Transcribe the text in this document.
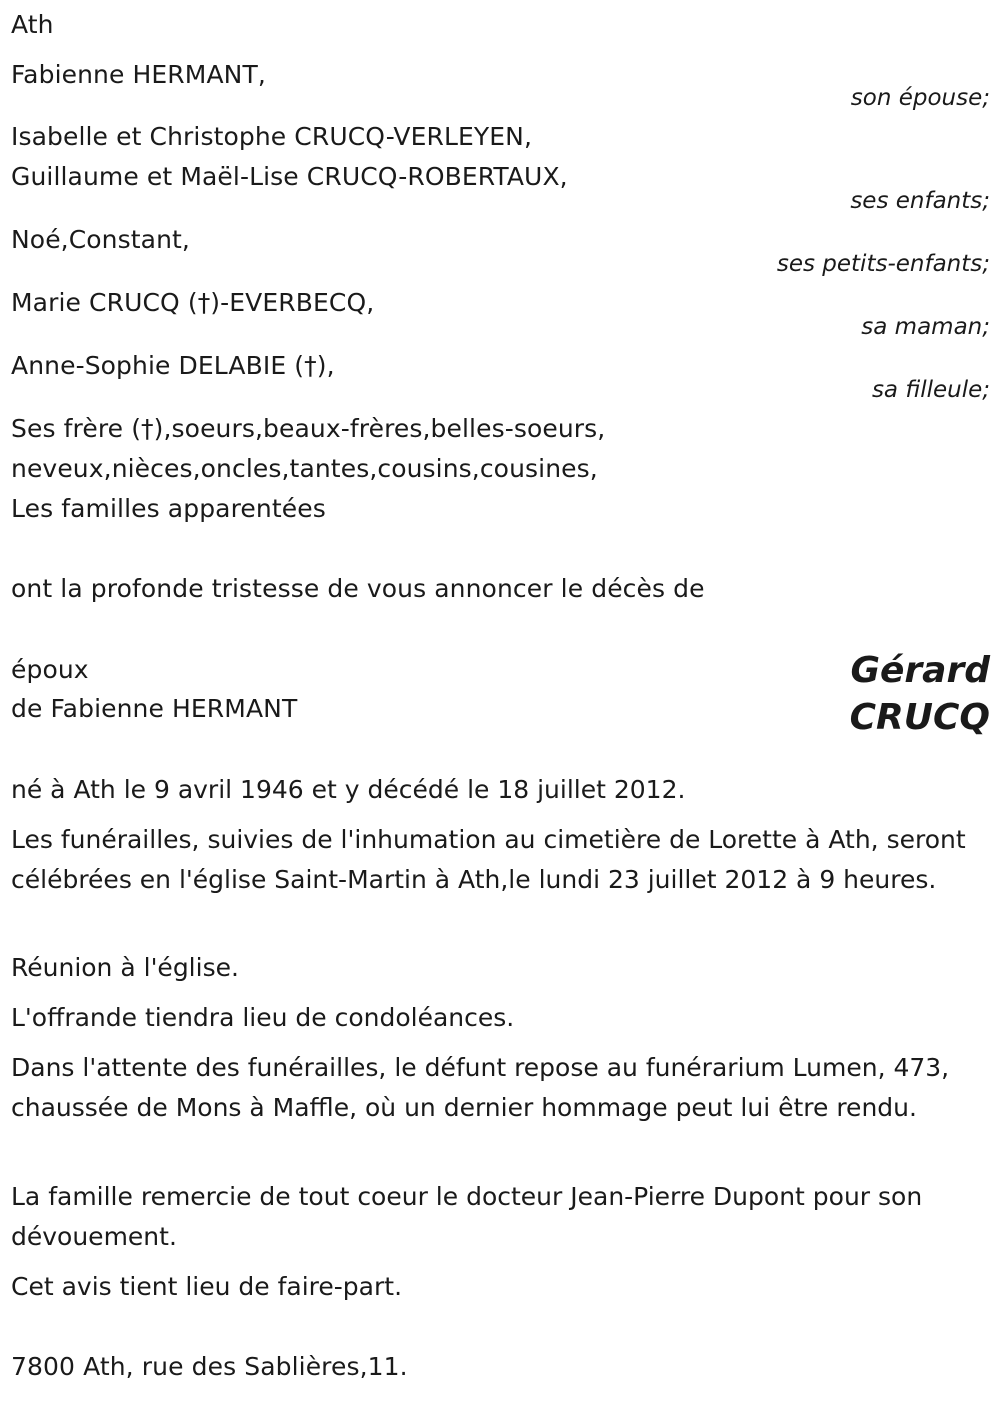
Ath
Fabienne HERMANT,
son épouse;
Isabelle et Christophe CRUCQ-VERLEYEN,
Guillaume et Maël-Lise CRUCQ-ROBERTAUX,
ses enfants;
Noé,Constant,
ses petits-enfants;
Marie CRUCQ (†)-EVERBECQ,
sa maman;
Anne-Sophie DELABIE (†),
sa filleule;
Ses frère (†),soeurs,beaux-frères,belles-soeurs,
neveux,nièces,oncles,tantes,cousins,cousines,
Les familles apparentées
ont la profonde tristesse de vous annoncer le décès de
époux
de Fabienne HERMANT
Gérard
CRUCQ
né à Ath le 9 avril 1946 et y décédé le 18 juillet 2012.
Les funérailles, suivies de l'inhumation au cimetière de Lorette à Ath, seront célébrées en l'église Saint-Martin à Ath,le lundi 23 juillet 2012 à 9 heures.
Réunion à l'église.
L'offrande tiendra lieu de condoléances.
Dans l'attente des funérailles, le défunt repose au funérarium Lumen, 473, chaussée de Mons à Maffle, où un dernier hommage peut lui être rendu.
La famille remercie de tout coeur le docteur Jean-Pierre Dupont pour son dévouement.
Cet avis tient lieu de faire-part.
7800 Ath, rue des Sablières,11.
